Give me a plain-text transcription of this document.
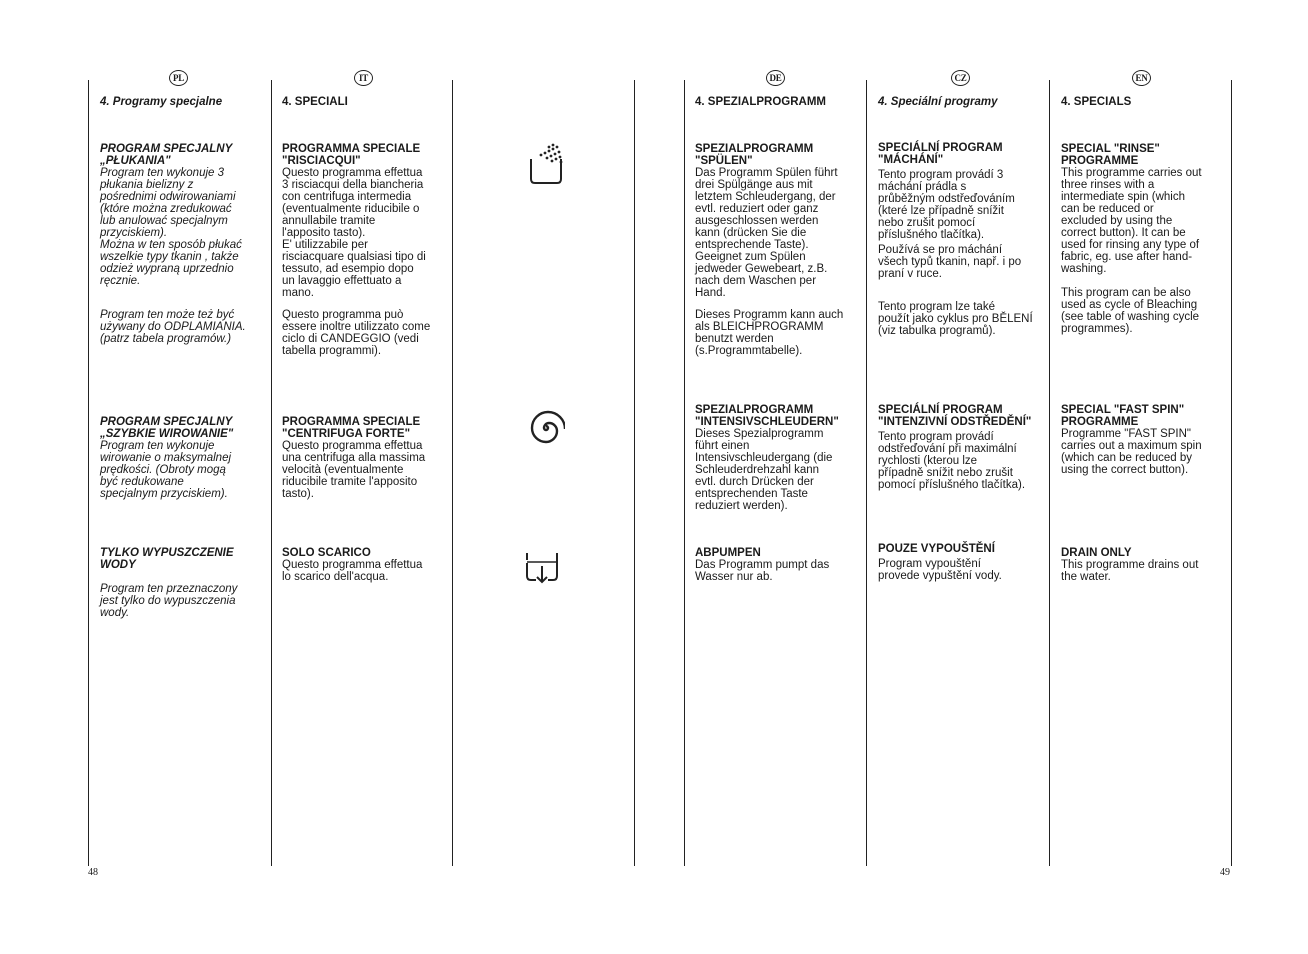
PL	IT	DE	CZ	EN

4. Programy specjalne

PROGRAM SPECJALNY
„PŁUKANIA"

Program ten wykonuje 3
płukania bielizny z
pośrednimi odwirowaniami
(które można zredukować
lub anulować specjalnym
przyciskiem).
Można w ten sposób płukać
wszelkie typy tkanin , także
odzież wypraną uprzednio
ręcznie.

Program ten może też być
używany do ODPLAMIANIA.
(patrz tabela programów.)

PROGRAM SPECJALNY
„SZYBKIE WIROWANIE"

Program ten wykonuje
wirowanie o maksymalnej
prędkości. (Obroty mogą
być redukowane
specjalnym przyciskiem).

TYLKO WYPUSZCZENIE WODY

Program ten przeznaczony
jest tylko do wypuszczenia
wody.

4. SPECIALI

PROGRAMMA SPECIALE
"RISCIACQUI"

Questo programma effettua
3 risciacqui della biancheria
con centrifuga intermedia
(eventualmente riducibile o
annullabile tramite
l'apposito tasto).
E' utilizzabile per
risciacquare qualsiasi tipo di
tessuto, ad esempio dopo
un lavaggio effettuato a
mano.

Questo programma può
essere inoltre utilizzato come
ciclo di CANDEGGIO (vedi
tabella programmi).

PROGRAMMA SPECIALE
"CENTRIFUGA FORTE"

Questo programma effettua
una centrifuga alla massima
velocità (eventualmente
riducibile tramite l'apposito
tasto).

SOLO SCARICO

Questo programma effettua
lo scarico dell'acqua.

4. SPEZIALPROGRAMM

SPEZIALPROGRAMM
"SPÜLEN"

Das Programm Spülen führt
drei Spülgänge aus mit
letztem Schleudergang, der
evtl. reduziert oder ganz
ausgeschlossen werden
kann (drücken Sie die
entsprechende Taste).
Geeignet zum Spülen
jedweder Gewebeart, z.B.
nach dem Waschen per
Hand.

Dieses Programm kann auch
als BLEICHPROGRAMM
benutzt werden
(s.Programmtabelle).

SPEZIALPROGRAMM
"INTENSIVSCHLEUDERN"

Dieses Spezialprogramm
führt einen
Intensivschleudergang (die
Schleuderdrehzahl kann
evtl. durch Drücken der
entsprechenden Taste
reduziert werden).

ABPUMPEN

Das Programm pumpt das
Wasser nur ab.

4. Speciální programy

SPECIÁLNÍ PROGRAM
"MÁCHÁNÍ"

Tento program provádí 3
máchání prádla s
průběžným odstřeďováním
(které lze případně snížit
nebo zrušit pomocí
příslušného tlačítka).

Používá se pro máchání
všech typů tkanin, např. i po
praní v ruce.

Tento program lze také
použít jako cyklus pro BĚLENÍ
(viz tabulka programů).

SPECIÁLNÍ PROGRAM
"INTENZIVNÍ ODSTŘEDĚNÍ"

Tento program provádí
odstřeďování při maximální
rychlosti (kterou lze
případně snížit nebo zrušit
pomocí příslušného tlačítka).

POUZE VYPOUŠTĚNÍ

Program vypouštění
provede vypuštění vody.

4. SPECIALS

SPECIAL "RINSE"
PROGRAMME

This programme carries out
three rinses with a
intermediate spin (which
can be reduced or
excluded by using the
correct button). It can be
used for rinsing any type of
fabric, eg. use after hand-
washing.

This program can be also
used as cycle of Bleaching
(see table of washing cycle
programmes).

SPECIAL "FAST SPIN"
PROGRAMME

Programme "FAST SPIN"
carries out a maximum spin
(which can be reduced by
using the correct button).

DRAIN ONLY

This programme drains out
the water.

48	49
